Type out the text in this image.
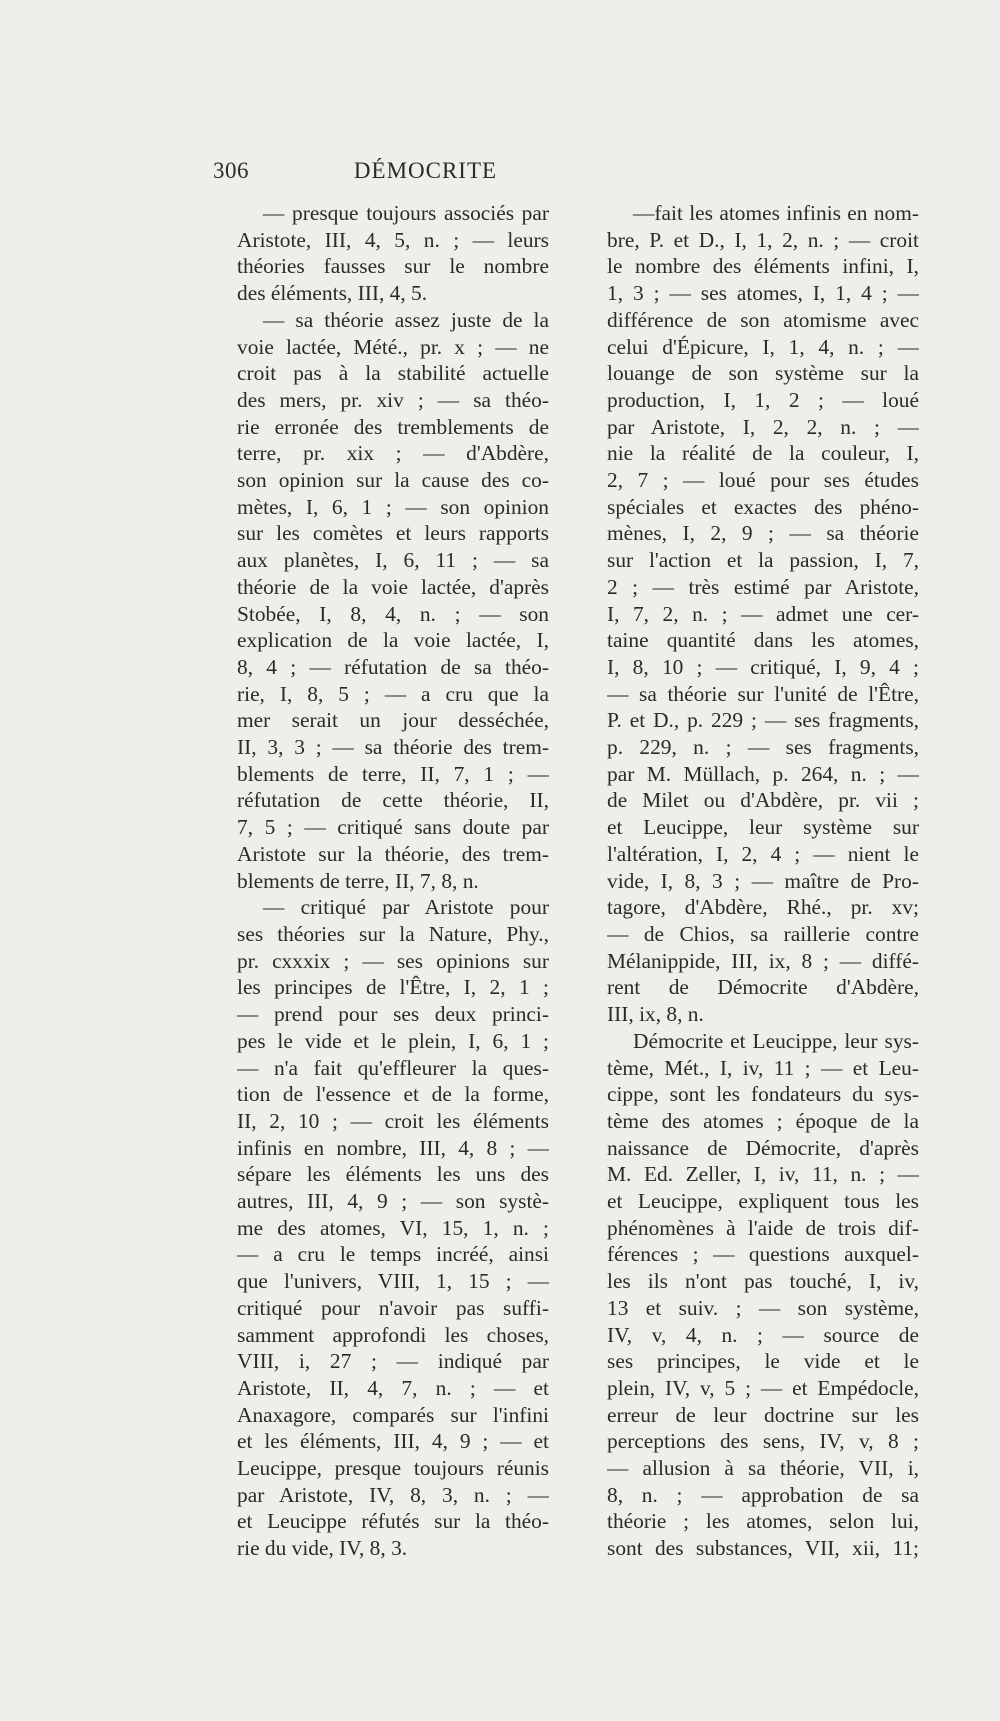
306	DÉMOCRITE
— presque toujours associés par
Aristote, III, 4, 5, n. ; — leurs
théories fausses sur le nombre
des éléments, III, 4, 5.
— sa théorie assez juste de la
voie lactée, Mété., pr. x ; — ne
croit pas à la stabilité actuelle
des mers, pr. xiv ; — sa théo-
rie erronée des tremblements de
terre, pr. xix ; — d'Abdère,
son opinion sur la cause des co-
mètes, I, 6, 1 ; — son opinion
sur les comètes et leurs rapports
aux planètes, I, 6, 11 ; — sa
théorie de la voie lactée, d'après
Stobée, I, 8, 4, n. ; — son
explication de la voie lactée, I,
8, 4 ; — réfutation de sa théo-
rie, I, 8, 5 ; — a cru que la
mer serait un jour desséchée,
II, 3, 3 ; — sa théorie des trem-
blements de terre, II, 7, 1 ; —
réfutation de cette théorie, II,
7, 5 ; — critiqué sans doute par
Aristote sur la théorie, des trem-
blements de terre, II, 7, 8, n.
— critiqué par Aristote pour
ses théories sur la Nature, Phy.,
pr. cxxxix ; — ses opinions sur
les principes de l'Être, I, 2, 1 ;
— prend pour ses deux princi-
pes le vide et le plein, I, 6, 1 ;
— n'a fait qu'effleurer la ques-
tion de l'essence et de la forme,
II, 2, 10 ; — croit les éléments
infinis en nombre, III, 4, 8 ; —
sépare les éléments les uns des
autres, III, 4, 9 ; — son systè-
me des atomes, VI, 15, 1, n. ;
— a cru le temps incréé, ainsi
que l'univers, VIII, 1, 15 ; —
critiqué pour n'avoir pas suffi-
samment approfondi les choses,
VIII, i, 27 ; — indiqué par
Aristote, II, 4, 7, n. ; — et
Anaxagore, comparés sur l'infini
et les éléments, III, 4, 9 ; — et
Leucippe, presque toujours réunis
par Aristote, IV, 8, 3, n. ; —
et Leucippe réfutés sur la théo-
rie du vide, IV, 8, 3.
—fait les atomes infinis en nom-
bre, P. et D., I, 1, 2, n. ; — croit
le nombre des éléments infini, I,
1, 3 ; — ses atomes, I, 1, 4 ; —
différence de son atomisme avec
celui d'Épicure, I, 1, 4, n. ; —
louange de son système sur la
production, I, 1, 2 ; — loué
par Aristote, I, 2, 2, n. ; —
nie la réalité de la couleur, I,
2, 7 ; — loué pour ses études
spéciales et exactes des phéno-
mènes, I, 2, 9 ; — sa théorie
sur l'action et la passion, I, 7,
2 ; — très estimé par Aristote,
I, 7, 2, n. ; — admet une cer-
taine quantité dans les atomes,
I, 8, 10 ; — critiqué, I, 9, 4 ;
— sa théorie sur l'unité de l'Être,
P. et D., p. 229 ; — ses fragments,
p. 229, n. ; — ses fragments,
par M. Müllach, p. 264, n. ; —
de Milet ou d'Abdère, pr. vii ;
et Leucippe, leur système sur
l'altération, I, 2, 4 ; — nient le
vide, I, 8, 3 ; — maître de Pro-
tagore, d'Abdère, Rhé., pr. xv;
— de Chios, sa raillerie contre
Mélanippide, III, ix, 8 ; — diffé-
rent de Démocrite d'Abdère,
III, ix, 8, n.
Démocrite et Leucippe, leur sys-
tème, Mét., I, iv, 11 ; — et Leu-
cippe, sont les fondateurs du sys-
tème des atomes ; époque de la
naissance de Démocrite, d'après
M. Ed. Zeller, I, iv, 11, n. ; —
et Leucippe, expliquent tous les
phénomènes à l'aide de trois dif-
férences ; — questions auxquel-
les ils n'ont pas touché, I, iv,
13 et suiv. ; — son système,
IV, v, 4, n. ; — source de
ses principes, le vide et le
plein, IV, v, 5 ; — et Empédocle,
erreur de leur doctrine sur les
perceptions des sens, IV, v, 8 ;
— allusion à sa théorie, VII, i,
8, n. ; — approbation de sa
théorie ; les atomes, selon lui,
sont des substances, VII, xii, 11;
